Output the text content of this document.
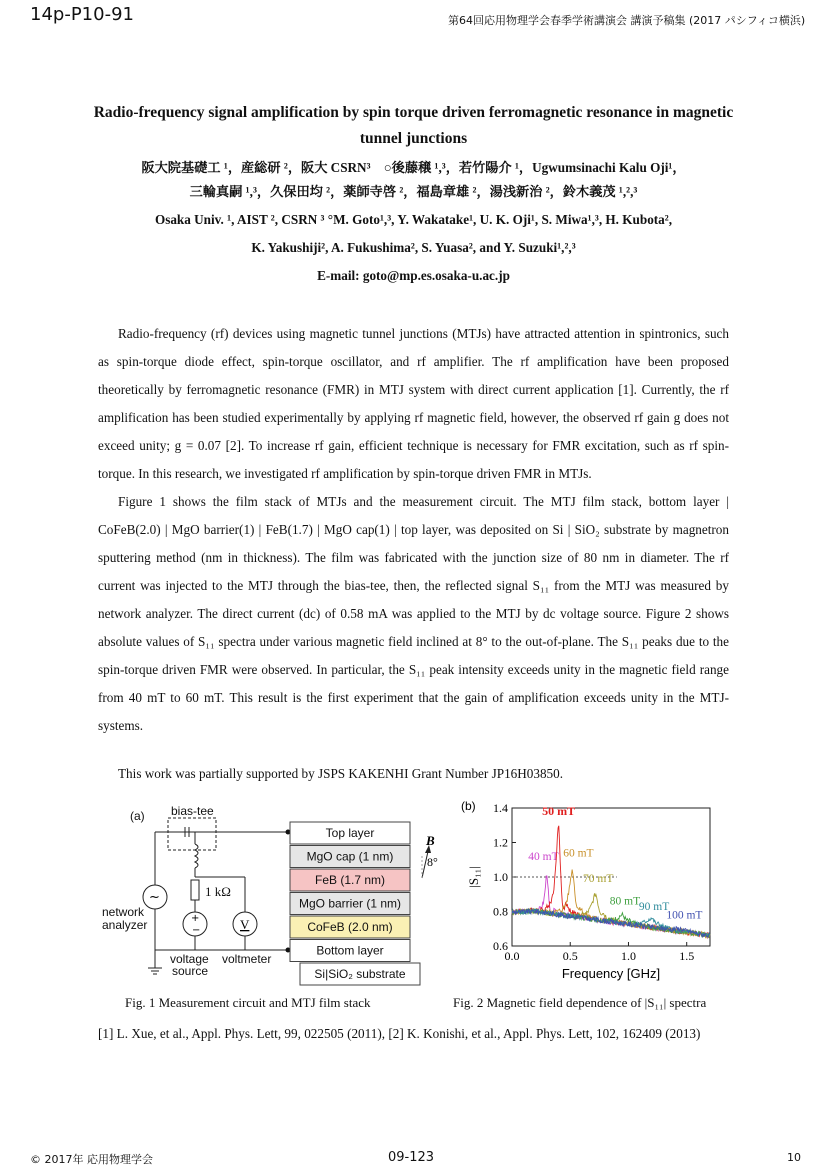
14p-P10-91	第64回応用物理学会春季学術講演会 講演予稿集 (2017 パシフィコ横浜)
Radio-frequency signal amplification by spin torque driven ferromagnetic resonance in magnetic tunnel junctions
阪大院基礎工 ¹，産総研 ²，阪大 CSRN³　○後藤穣 ¹,³，若竹陽介 ¹，Ugwumsinachi Kalu Oji¹，
三輪真嗣 ¹,³，久保田均 ²，薬師寺啓 ²，福島章雄 ²，湯浅新治 ²，鈴木義茂 ¹,²,³
Osaka Univ. ¹, AIST ², CSRN ³ °M. Goto¹,³, Y. Wakatake¹, U. K. Oji¹, S. Miwa¹,³, H. Kubota²,
K. Yakushiji², A. Fukushima², S. Yuasa², and Y. Suzuki¹,²,³
E-mail: goto@mp.es.osaka-u.ac.jp

Radio-frequency (rf) devices using magnetic tunnel junctions (MTJs) have attracted attention in spintronics, such as spin-torque diode effect, spin-torque oscillator, and rf amplifier. The rf amplification have been proposed theoretically by ferromagnetic resonance (FMR) in MTJ system with direct current application [1]. Currently, the rf amplification has been studied experimentally by applying rf magnetic field, however, the observed rf gain g does not exceed unity; g = 0.07 [2]. To increase rf gain, efficient technique is necessary for FMR excitation, such as rf spin-torque. In this research, we investigated rf amplification by spin-torque driven FMR in MTJs.

Figure 1 shows the film stack of MTJs and the measurement circuit. The MTJ film stack, bottom layer | CoFeB(2.0) | MgO barrier(1) | FeB(1.7) | MgO cap(1) | top layer, was deposited on Si | SiO₂ substrate by magnetron sputtering method (nm in thickness). The film was fabricated with the junction size of 80 nm in diameter. The rf current was injected to the MTJ through the bias-tee, then, the reflected signal S₁₁ from the MTJ was measured by network analyzer. The direct current (dc) of 0.58 mA was applied to the MTJ by dc voltage source. Figure 2 shows absolute values of S₁₁ spectra under various magnetic field inclined at 8° to the out-of-plane. The S₁₁ peaks due to the spin-torque driven FMR were observed. In particular, the S₁₁ peak intensity exceeds unity in the magnetic field range from 40 mT to 60 mT. This result is the first experiment that the gain of amplification exceeds unity in the MTJ-systems.

This work was partially supported by JSPS KAKENHI Grant Number JP16H03850.
(a) bias-tee
1 kΩ
network
analyzer
voltage
source
voltmeter
~
+
−	V
Top layer
MgO cap (1 nm)
FeB (1.7 nm)
MgO barrier (1 nm)
CoFeB (2.0 nm)
Bottom layer
Si|SiO₂ substrate
B
8°
(b)
0.6
0.8
1.0
1.2
1.4
0.0	0.5	1.0	1.5
Frequency [GHz]
|S₁₁|
40 mT
50 mT
60 mT
70 mT
80 mT
90 mT
100 mT
Fig. 1 Measurement circuit and MTJ film stack	Fig. 2 Magnetic field dependence of |S₁₁| spectra
[1] L. Xue, et al., Appl. Phys. Lett, 99, 022505 (2011), [2] K. Konishi, et al., Appl. Phys. Lett, 102, 162409 (2013)
© 2017年 応用物理学会	09-123	10
